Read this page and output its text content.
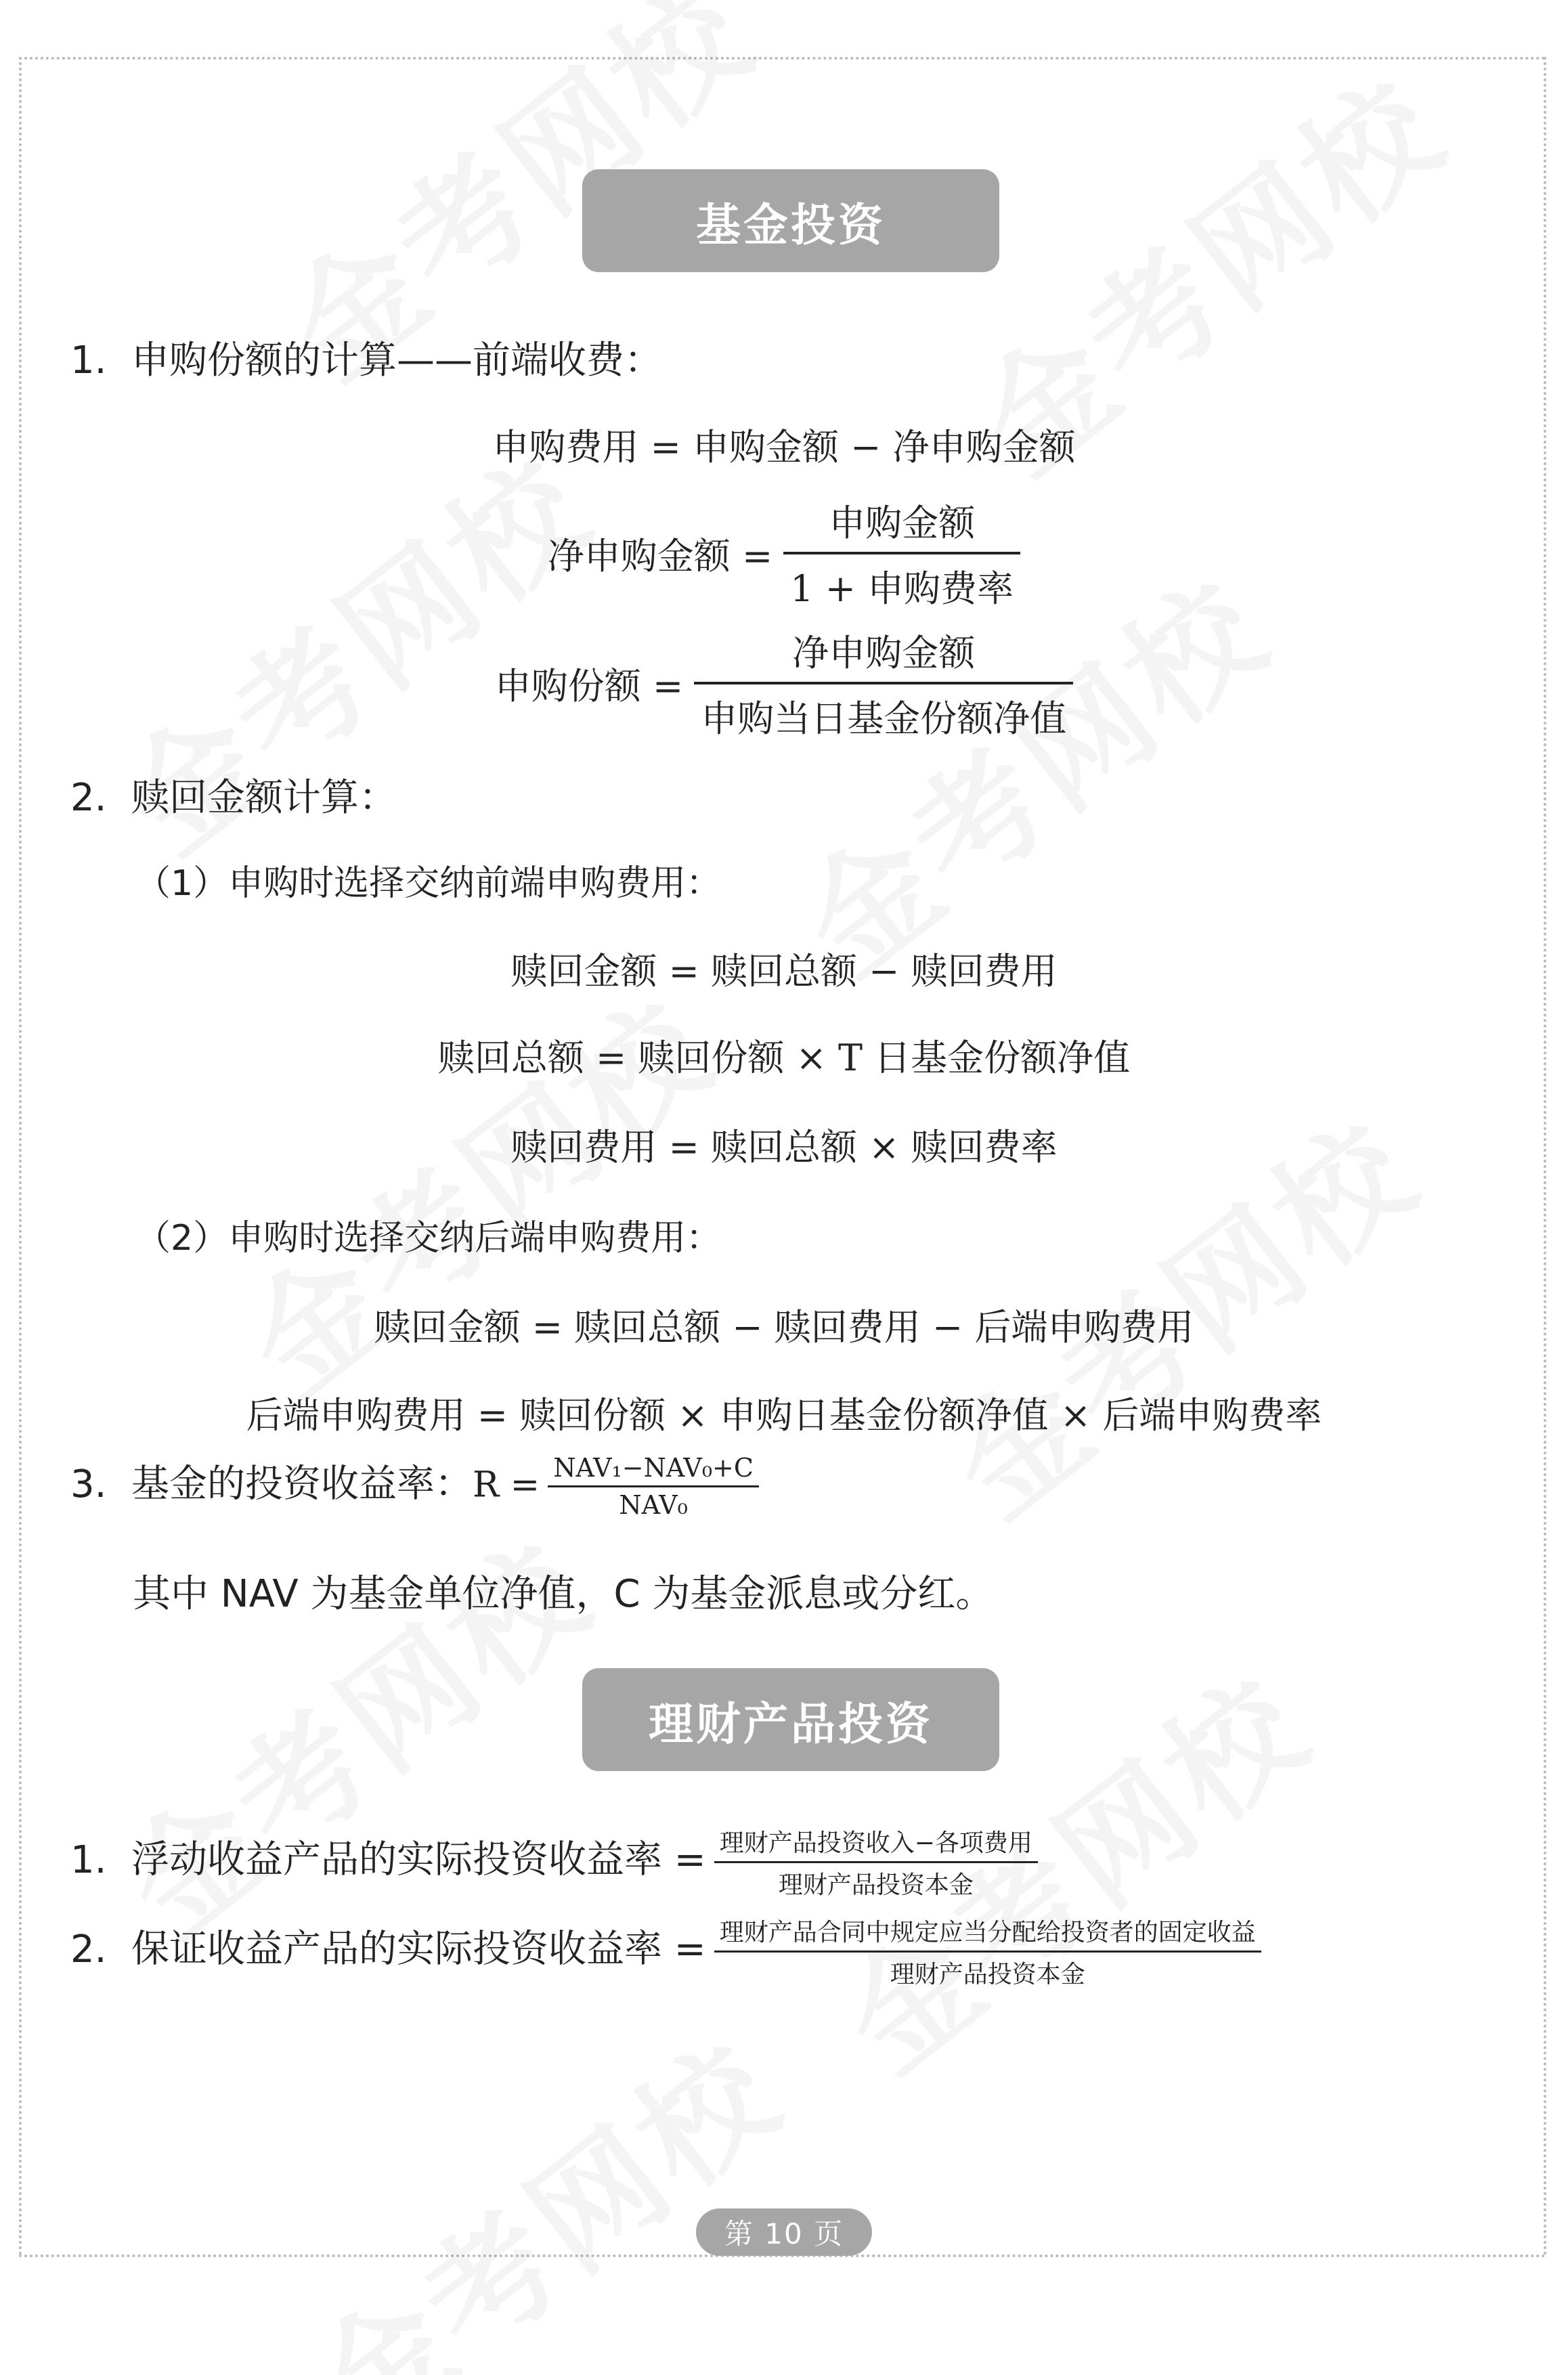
基金投资
1. 申购份额的计算——前端收费：
申购费用 = 申购金额 − 净申购金额
净申购金额 = $\frac{\text{申购金额}}{\text{1 + 申购费率}}$
申购份额 = $\frac{\text{净申购金额}}{\text{申购当日基金份额净值}}$
2. 赎回金额计算：
（1）申购时选择交纳前端申购费用：
赎回金额 = 赎回总额 − 赎回费用
赎回总额 = 赎回份额 × T 日基金份额净值
赎回费用 = 赎回总额 × 赎回费率
（2）申购时选择交纳后端申购费用：
赎回金额 = 赎回总额 − 赎回费用 − 后端申购费用
后端申购费用 = 赎回份额 × 申购日基金份额净值 × 后端申购费率
3. 基金的投资收益率：$R = \frac{\text{NAV₁−NAV₀+C}}{\text{NAV₀}}$
其中 NAV 为基金单位净值，C 为基金派息或分红。
理财产品投资
1. 浮动收益产品的实际投资收益率 = $\frac{\text{理财产品投资收入−各项费用}}{\text{理财产品投资本金}}$
2. 保证收益产品的实际投资收益率 = $\frac{\text{理财产品合同中规定应当分配给投资者的固定收益}}{\text{理财产品投资本金}}$
第 10 页
